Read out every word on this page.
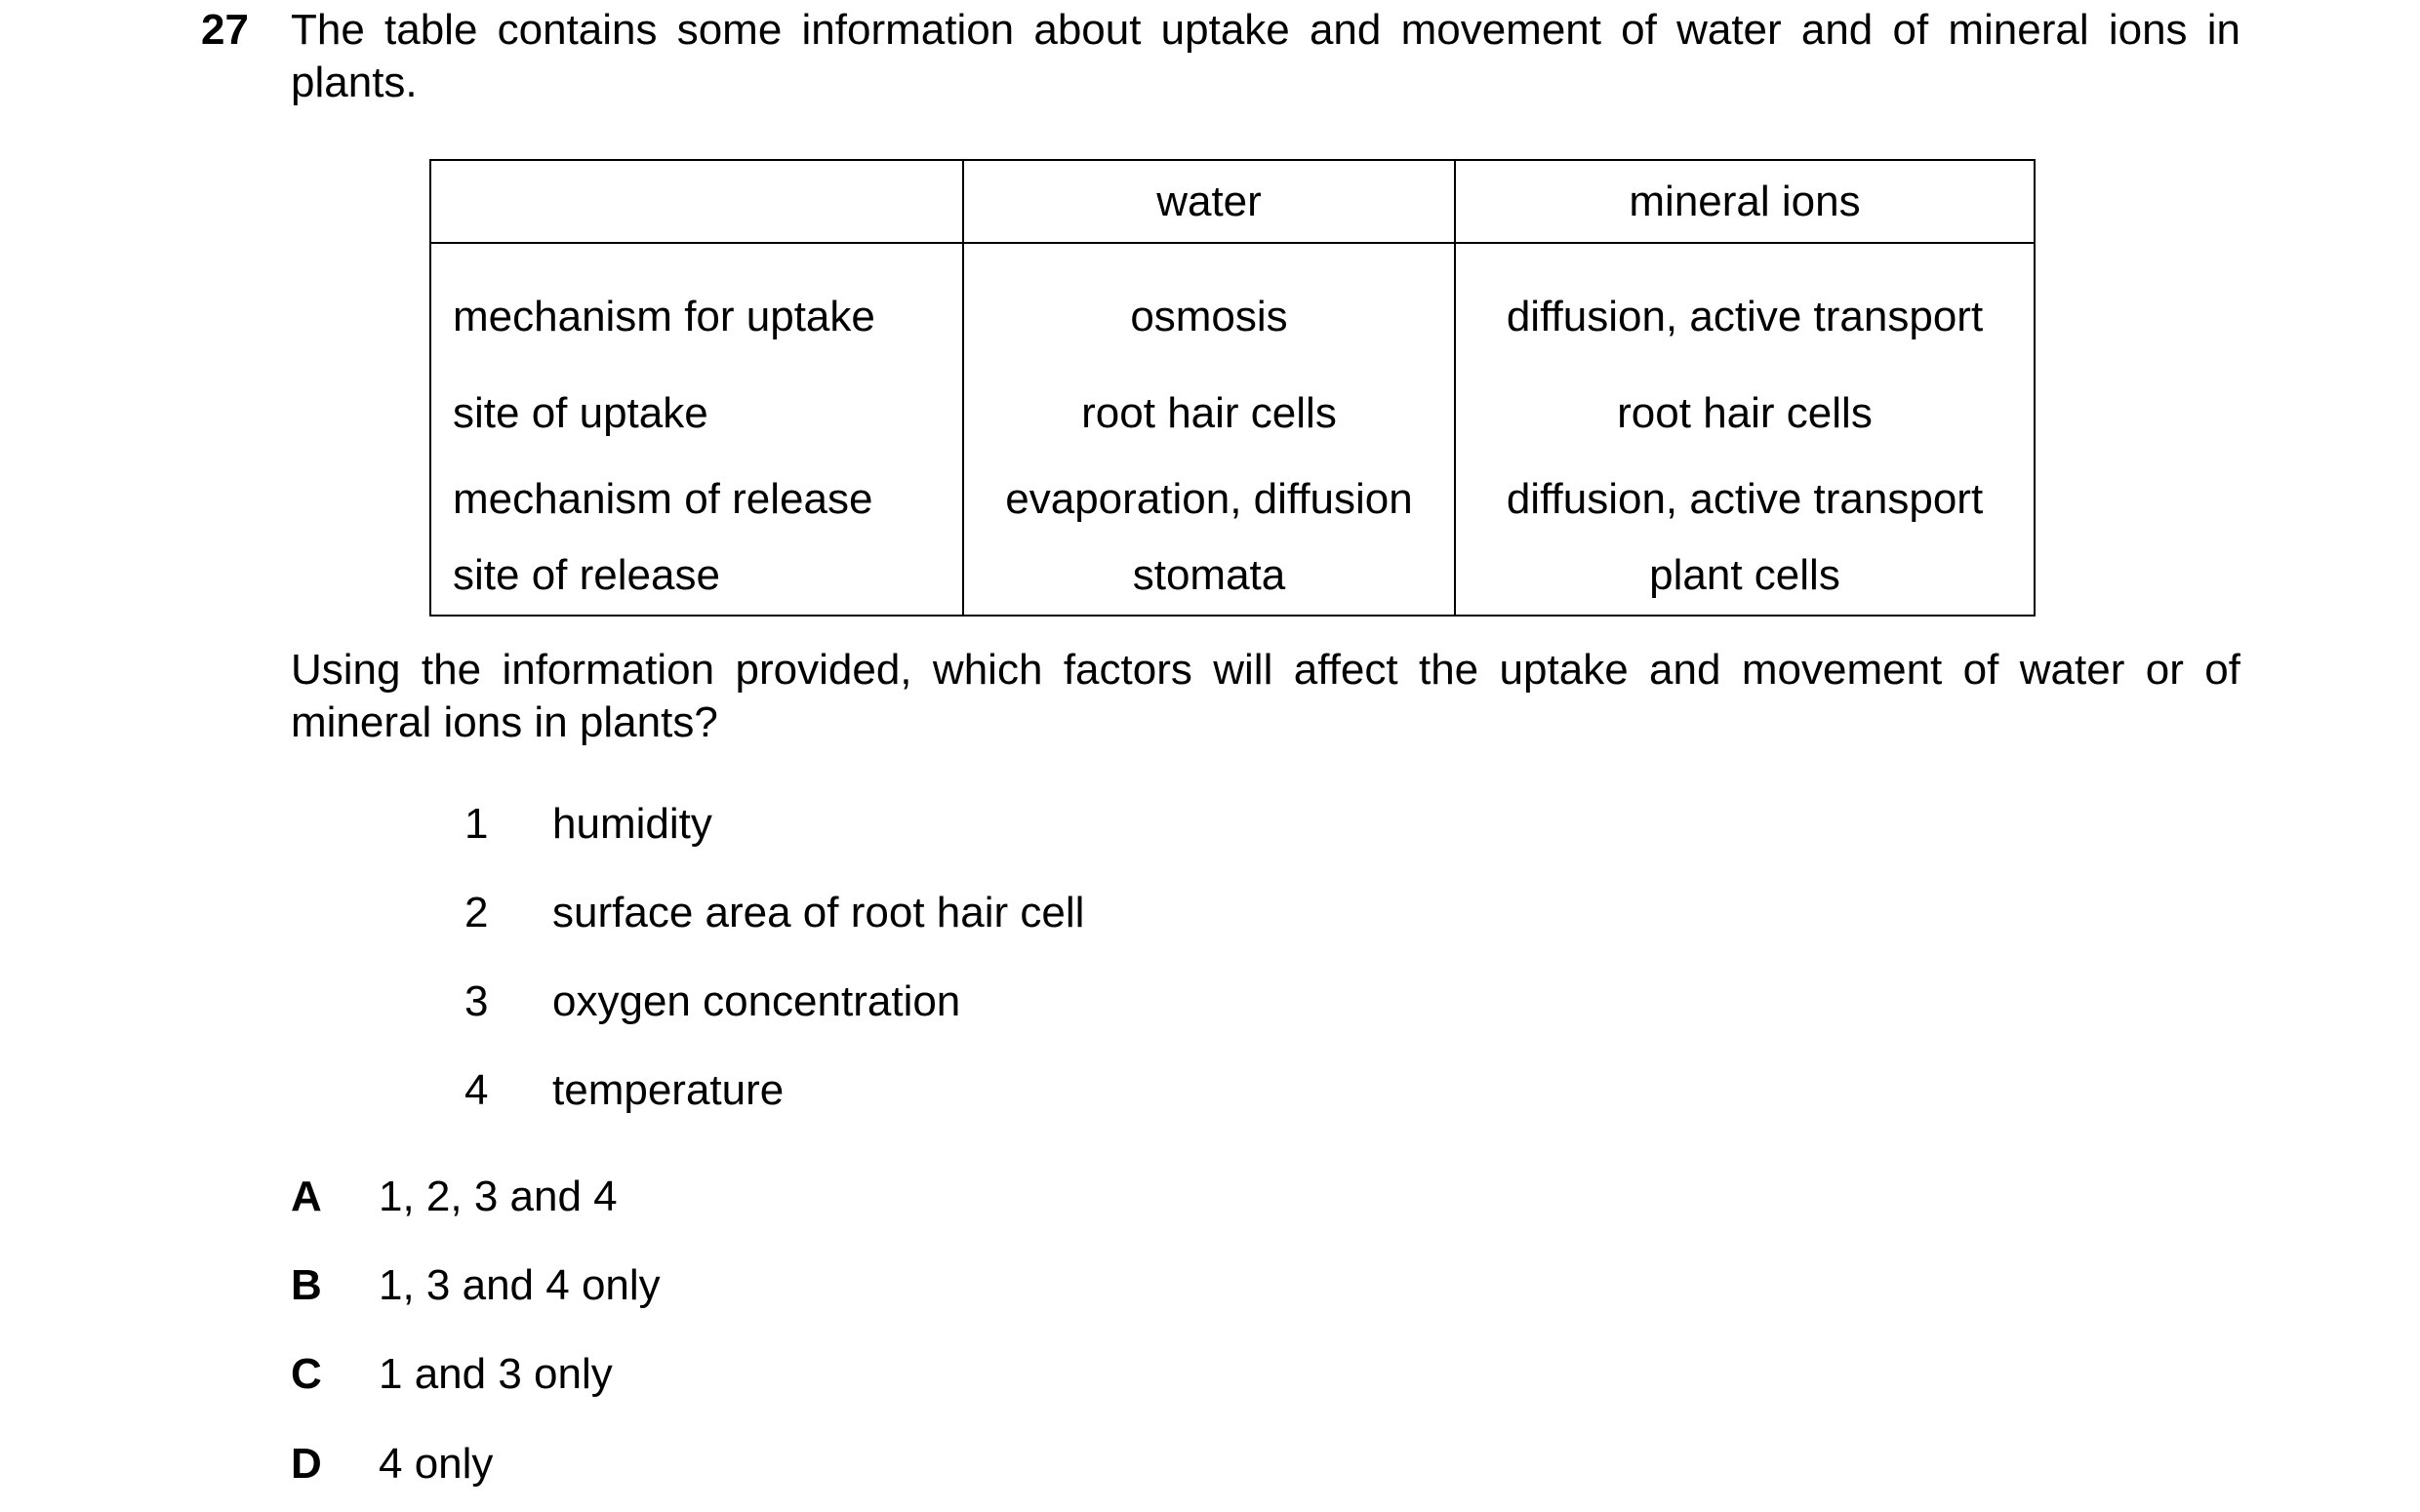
27 The table contains some information about uptake and movement of water and of mineral ions in plants.
	water	mineral ions
mechanism for uptake	osmosis	diffusion, active transport
site of uptake	root hair cells	root hair cells
mechanism of release	evaporation, diffusion	diffusion, active transport
site of release	stomata	plant cells
Using the information provided, which factors will affect the uptake and movement of water or of mineral ions in plants?
1 humidity
2 surface area of root hair cell
3 oxygen concentration
4 temperature
A 1, 2, 3 and 4
B 1, 3 and 4 only
C 1 and 3 only
D 4 only
